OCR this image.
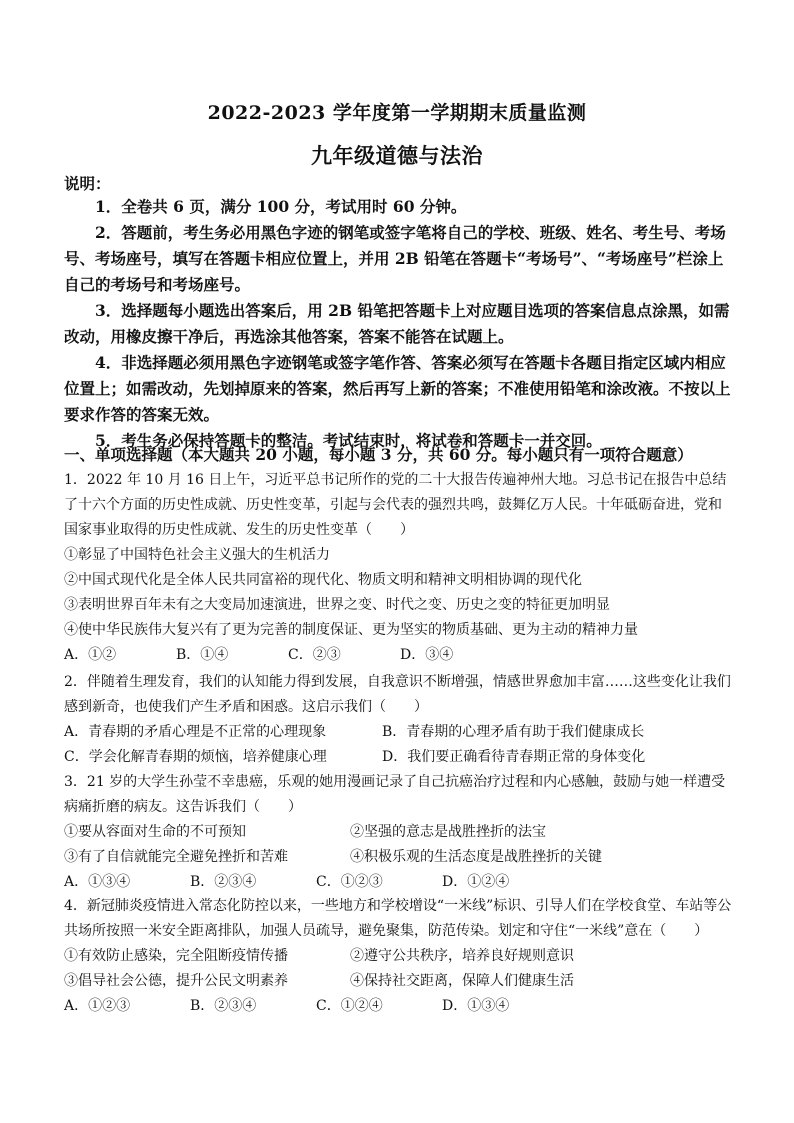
2022-2023 学年度第一学期期末质量监测
九年级道德与法治
说明：

1．全卷共 6 页，满分 100 分，考试用时 60 分钟。

2．答题前，考生务必用黑色字迹的钢笔或签字笔将自己的学校、班级、姓名、考生号、考场号、考场座号，填写在答题卡相应位置上，并用 2B 铅笔在答题卡“考场号”、“考场座号”栏涂上自己的考场号和考场座号。

3．选择题每小题选出答案后，用 2B 铅笔把答题卡上对应题目选项的答案信息点涂黑，如需改动，用橡皮擦干净后，再选涂其他答案，答案不能答在试题上。

4．非选择题必须用黑色字迹钢笔或签字笔作答、答案必须写在答题卡各题目指定区域内相应位置上；如需改动，先划掉原来的答案，然后再写上新的答案；不准使用铅笔和涂改液。不按以上要求作答的答案无效。

5．考生务必保持答题卡的整洁。考试结束时，将试卷和答题卡一并交回。

一、单项选择题（本大题共 20 小题，每小题 3 分，共 60 分。每小题只有一项符合题意）

1．2022 年 10 月 16 日上午，习近平总书记所作的党的二十大报告传遍神州大地。习总书记在报告中总结了十六个方面的历史性成就、历史性变革，引起与会代表的强烈共鸣，鼓舞亿万人民。十年砥砺奋进，党和国家事业取得的历史性成就、发生的历史性变革（　　）

①彰显了中国特色社会主义强大的生机活力

②中国式现代化是全体人民共同富裕的现代化、物质文明和精神文明相协调的现代化

③表明世界百年未有之大变局加速演进，世界之变、时代之变、历史之变的特征更加明显

④使中华民族伟大复兴有了更为完善的制度保证、更为坚实的物质基础、更为主动的精神力量

A．①②	B．①④	C．②③	D．③④

2．伴随着生理发育，我们的认知能力得到发展，自我意识不断增强，情感世界愈加丰富……这些变化让我们感到新奇，也使我们产生矛盾和困惑。这启示我们（　　）

A．青春期的矛盾心理是不正常的心理现象	B．青春期的心理矛盾有助于我们健康成长
C．学会化解青春期的烦恼，培养健康心理	D．我们要正确看待青春期正常的身体变化

3．21 岁的大学生孙莹不幸患癌，乐观的她用漫画记录了自己抗癌治疗过程和内心感触，鼓励与她一样遭受病痛折磨的病友。这告诉我们（　　）

①要从容面对生命的不可预知	②坚强的意志是战胜挫折的法宝
③有了自信就能完全避免挫折和苦难	④积极乐观的生活态度是战胜挫折的关键
A．①③④	B．②③④	C．①②③	D．①②④

4．新冠肺炎疫情进入常态化防控以来，一些地方和学校增设“一米线”标识、引导人们在学校食堂、车站等公共场所按照一米安全距离排队，加强人员疏导，避免聚集，防范传染。划定和守住“一米线”意在（　　）

①有效防止感染，完全阻断疫情传播	②遵守公共秩序，培养良好规则意识
③倡导社会公德，提升公民文明素养	④保持社交距离，保障人们健康生活
A．①②③	B．②③④	C．①②④	D．①③④
